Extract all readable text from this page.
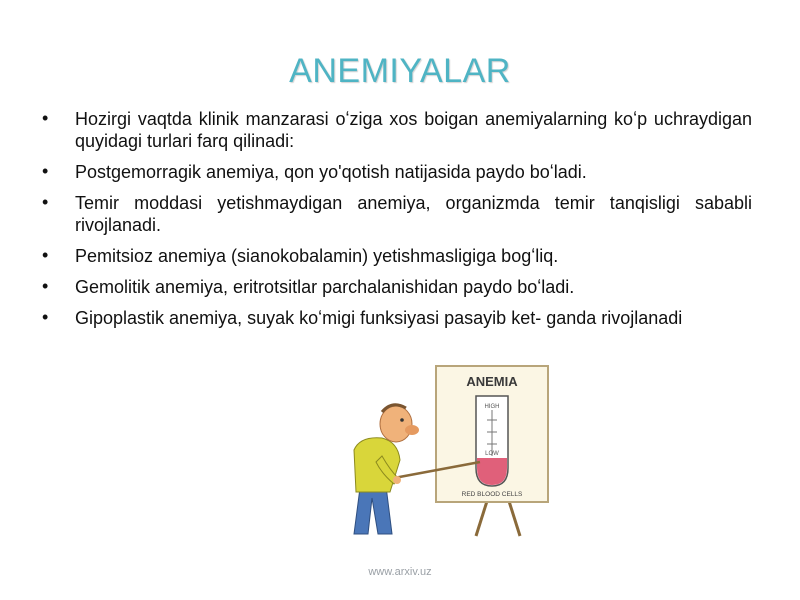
ANEMIYALAR
• Hozirgi vaqtda klinik manzarasi oʻziga xos boigan anemiyalarning koʻp uchraydigan quyidagi turlari farq qilinadi:
• Postgemorragik anemiya, qon yo'qotish natijasida paydo boʻladi.
• Temir moddasi yetishmaydigan anemiya, organizmda temir tanqisligi sababli rivojlanadi.
• Pemitsioz anemiya (sianokobalamin) yetishmasligiga bogʻliq.
• Gemolitik anemiya, eritrotsitlar parchalanishidan paydo boʻladi.
• Gipoplastik anemiya, suyak koʻmigi funksiyasi pasayib ket- ganda rivojlanadi
ANEMIA
HIGH
LOW
RED BLOOD CELLS
www.arxiv.uz
